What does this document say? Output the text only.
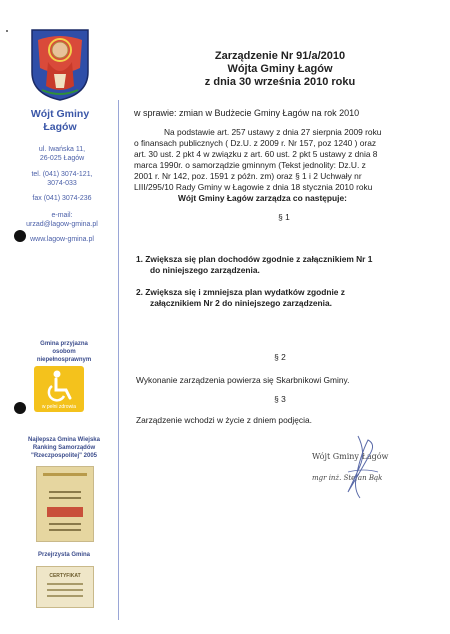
Wójt Gminy
Łagów
ul. Iwańska 11,
26-025 Łagów
tel. (041) 3074-121,
3074-033
fax (041) 3074-236
e-mail:
urzad@lagow-gmina.pl
www.lagow-gmina.pl
Gmina przyjazna
osobom
niepełnosprawnym
w pełni zdrowia
Najlepsza Gmina Wiejska
Ranking Samorządów
"Rzeczpospolitej" 2005
Przejrzysta Gmina
CERTYFIKAT
Zarządzenie Nr 91/a/2010
Wójta Gminy Łagów
z dnia 30 września 2010 roku
w sprawie: zmian w Budżecie Gminy Łagów na rok 2010
Na podstawie art. 257 ustawy z dnia 27 sierpnia 2009 roku
o finansach publicznych ( Dz.U. z 2009 r. Nr 157, poz 1240 ) oraz
art. 30 ust. 2 pkt 4 w związku z art. 60 ust. 2 pkt 5 ustawy z dnia 8
marca 1990r. o samorządzie gminnym (Tekst jednolity: Dz.U. z
2001 r. Nr 142, poz. 1591 z późn. zm) oraz § 1 i 2 Uchwały nr
LIII/295/10 Rady Gminy w Łagowie z dnia 18 stycznia 2010 roku
Wójt Gminy Łagów zarządza co następuje:
§ 1
1. Zwiększa się plan dochodów zgodnie z załącznikiem Nr 1
do niniejszego zarządzenia.
2. Zwiększa się i zmniejsza plan wydatków zgodnie z
załącznikiem Nr 2 do niniejszego zarządzenia.
§ 2
Wykonanie zarządzenia powierza się Skarbnikowi Gminy.
§ 3
Zarządzenie wchodzi w życie z dniem podjęcia.
Wójt Gminy Łagów
mgr inż. Stefan Bąk
